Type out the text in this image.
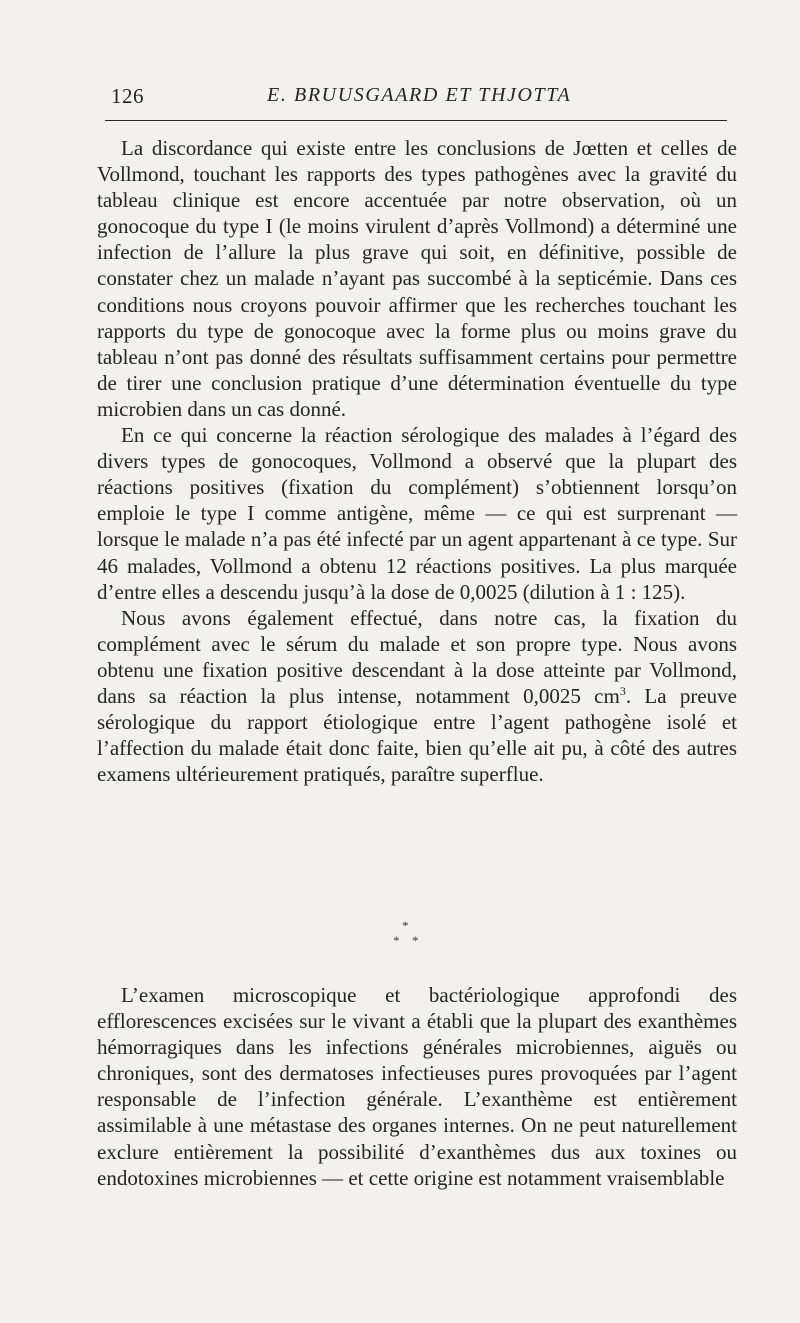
126	E. BRUUSGAARD ET THJOTTA

La discordance qui existe entre les conclusions de Jœtten et celles de Vollmond, touchant les rapports des types pathogènes avec la gravité du tableau clinique est encore accentuée par notre observation, où un gonocoque du type I (le moins virulent d’après Vollmond) a déterminé une infection de l’allure la plus grave qui soit, en définitive, possible de constater chez un malade n’ayant pas succombé à la septicémie. Dans ces conditions nous croyons pouvoir affirmer que les recherches touchant les rapports du type de gonocoque avec la forme plus ou moins grave du tableau n’ont pas donné des résultats suffisamment certains pour permettre de tirer une conclusion pratique d’une détermination éventuelle du type microbien dans un cas donné.

En ce qui concerne la réaction sérologique des malades à l’égard des divers types de gonocoques, Vollmond a observé que la plupart des réactions positives (fixation du complément) s’obtiennent lorsqu’on emploie le type I comme antigène, même — ce qui est surprenant — lorsque le malade n’a pas été infecté par un agent appartenant à ce type. Sur 46 malades, Vollmond a obtenu 12 réactions positives. La plus marquée d’entre elles a descendu jusqu’à la dose de 0,0025 (dilution à 1 : 125).

Nous avons également effectué, dans notre cas, la fixation du complément avec le sérum du malade et son propre type. Nous avons obtenu une fixation positive descendant à la dose atteinte par Vollmond, dans sa réaction la plus intense, notamment 0,0025 $cm^3$. La preuve sérologique du rapport étiologique entre l’agent pathogène isolé et l’affection du malade était donc faite, bien qu’elle ait pu, à côté des autres examens ultérieurement pratiqués, paraître superflue.

*
* *

L’examen microscopique et bactériologique approfondi des efflorescences excisées sur le vivant a établi que la plupart des exanthèmes hémorragiques dans les infections générales microbiennes, aiguës ou chroniques, sont des dermatoses infectieuses pures provoquées par l’agent responsable de l’infection générale. L’exanthème est entièrement assimilable à une métastase des organes internes. On ne peut naturellement exclure entièrement la possibilité d’exanthèmes dus aux toxines ou endotoxines microbiennes — et cette origine est notamment vraisemblable
